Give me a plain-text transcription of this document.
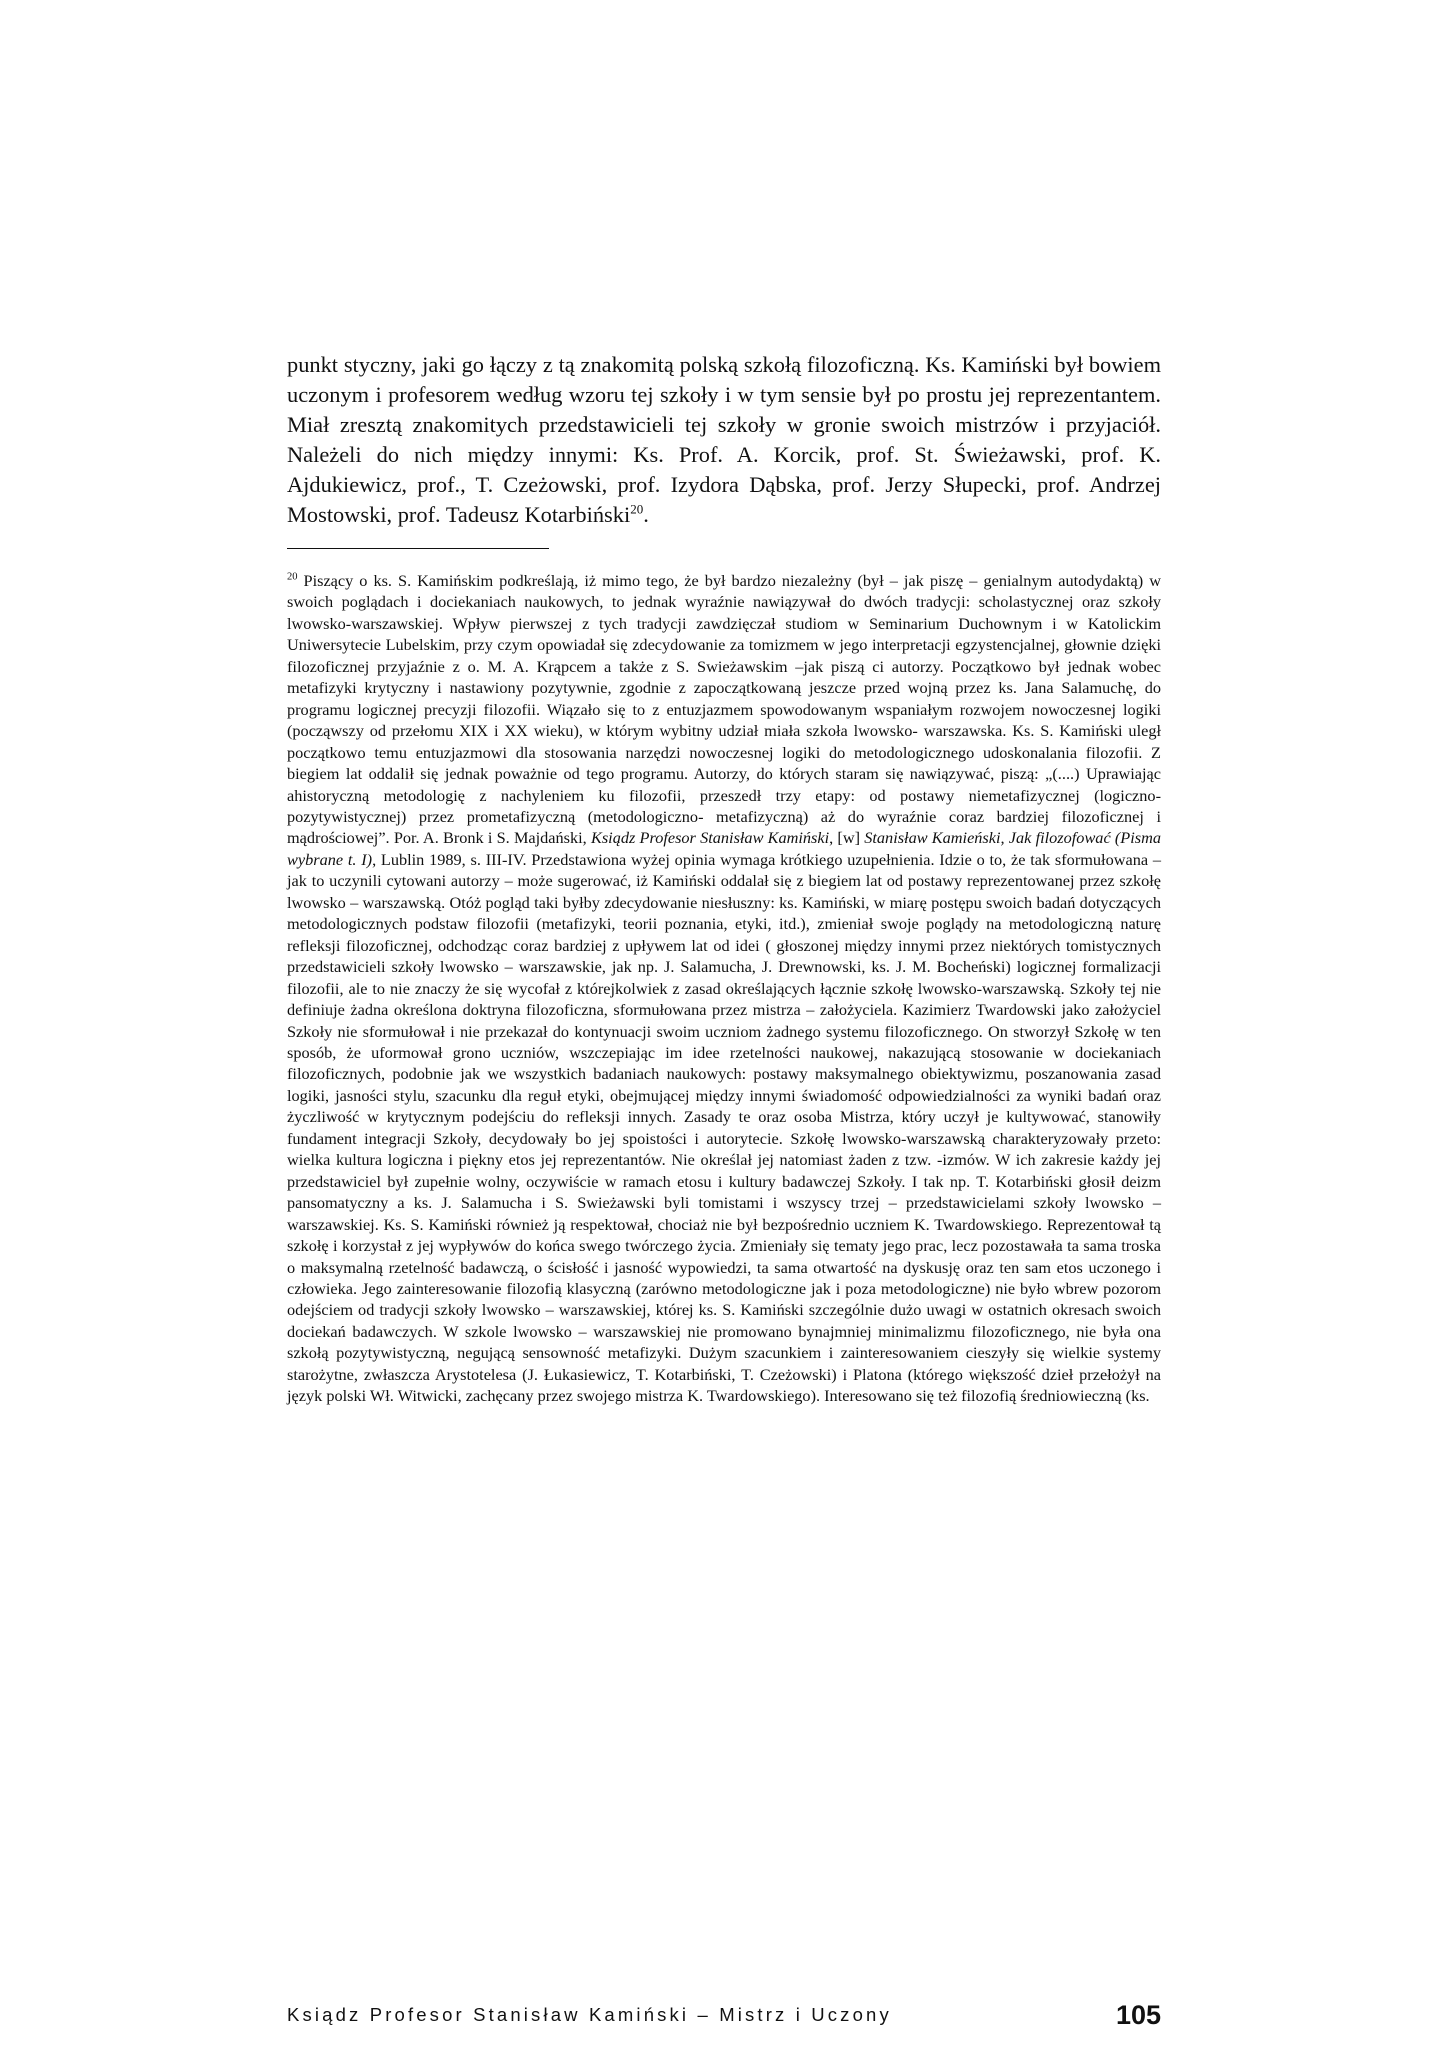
punkt styczny, jaki go łączy z tą znakomitą polską szkołą filozoficzną. Ks. Kamiński był bowiem uczonym i profesorem według wzoru tej szkoły i w tym sensie był po prostu jej reprezentantem. Miał zresztą znakomitych przedstawicieli tej szkoły w gronie swoich mistrzów i przyjaciół. Należeli do nich między innymi: Ks. Prof. A. Korcik, prof. St. Świeżawski, prof. K. Ajdukiewicz, prof., T. Czeżowski, prof. Izydora Dąbska, prof. Jerzy Słupecki, prof. Andrzej Mostowski, prof. Tadeusz Kotarbiński$^{20}$.

$^{20}$ Piszący o ks. S. Kamińskim podkreślają, iż mimo tego, że był bardzo niezależny (był – jak piszę – genialnym autodydaktą) w swoich poglądach i dociekaniach naukowych, to jednak wyraźnie nawiązywał do dwóch tradycji: scholastycznej oraz szkoły lwowsko-warszawskiej. Wpływ pierwszej z tych tradycji zawdzięczał studiom w Seminarium Duchownym i w Katolickim Uniwersytecie Lubelskim, przy czym opowiadał się zdecydowanie za tomizmem w jego interpretacji egzystencjalnej, głownie dzięki filozoficznej przyjaźnie z o. M. A. Krąpcem a także z S. Swieżawskim –jak piszą ci autorzy. Początkowo był jednak wobec metafizyki krytyczny i nastawiony pozytywnie, zgodnie z zapoczątkowaną jeszcze przed wojną przez ks. Jana Salamuchę, do programu logicznej precyzji filozofii. Wiązało się to z entuzjazmem spowodowanym wspaniałym rozwojem nowoczesnej logiki (począwszy od przełomu XIX i XX wieku), w którym wybitny udział miała szkoła lwowsko- warszawska. Ks. S. Kamiński uległ początkowo temu entuzjazmowi dla stosowania narzędzi nowoczesnej logiki do metodologicznego udoskonalania filozofii. Z biegiem lat oddalił się jednak poważnie od tego programu. Autorzy, do których staram się nawiązywać, piszą: „(....) Uprawiając ahistoryczną metodologię z nachyleniem ku filozofii, przeszedł trzy etapy: od postawy niemetafizycznej (logiczno- pozytywistycznej) przez prometafizyczną (metodologiczno- metafizyczną) aż do wyraźnie coraz bardziej filozoficznej i mądrościowej”. Por. A. Bronk i S. Majdański, Ksiądz Profesor Stanisław Kamiński, [w] Stanisław Kamieński, Jak filozofować (Pisma wybrane t. I), Lublin 1989, s. III-IV. Przedstawiona wyżej opinia wymaga krótkiego uzupełnienia. Idzie o to, że tak sformułowana – jak to uczynili cytowani autorzy – może sugerować, iż Kamiński oddalał się z biegiem lat od postawy reprezentowanej przez szkołę lwowsko – warszawską. Otóż pogląd taki byłby zdecydowanie niesłuszny: ks. Kamiński, w miarę postępu swoich badań dotyczących metodologicznych podstaw filozofii (metafizyki, teorii poznania, etyki, itd.), zmieniał swoje poglądy na metodologiczną naturę refleksji filozoficznej, odchodząc coraz bardziej z upływem lat od idei ( głoszonej między innymi przez niektórych tomistycznych przedstawicieli szkoły lwowsko – warszawskie, jak np. J. Salamucha, J. Drewnowski, ks. J. M. Bocheński) logicznej formalizacji filozofii, ale to nie znaczy że się wycofał z którejkolwiek z zasad określających łącznie szkołę lwowsko-warszawską. Szkoły tej nie definiuje żadna określona doktryna filozoficzna, sformułowana przez mistrza – założyciela. Kazimierz Twardowski jako założyciel Szkoły nie sformułował i nie przekazał do kontynuacji swoim uczniom żadnego systemu filozoficznego. On stworzył Szkołę w ten sposób, że uformował grono uczniów, wszczepiając im idee rzetelności naukowej, nakazującą stosowanie w dociekaniach filozoficznych, podobnie jak we wszystkich badaniach naukowych: postawy maksymalnego obiektywizmu, poszanowania zasad logiki, jasności stylu, szacunku dla reguł etyki, obejmującej między innymi świadomość odpowiedzialności za wyniki badań oraz życzliwość w krytycznym podejściu do refleksji innych. Zasady te oraz osoba Mistrza, który uczył je kultywować, stanowiły fundament integracji Szkoły, decydowały bo jej spoistości i autorytecie. Szkołę lwowsko-warszawską charakteryzowały przeto: wielka kultura logiczna i piękny etos jej reprezentantów. Nie określał jej natomiast żaden z tzw. -izmów. W ich zakresie każdy jej przedstawiciel był zupełnie wolny, oczywiście w ramach etosu i kultury badawczej Szkoły. I tak np. T. Kotarbiński głosił deizm pansomatyczny a ks. J. Salamucha i S. Swieżawski byli tomistami i wszyscy trzej – przedstawicielami szkoły lwowsko – warszawskiej. Ks. S. Kamiński również ją respektował, chociaż nie był bezpośrednio uczniem K. Twardowskiego. Reprezentował tą szkołę i korzystał z jej wypływów do końca swego twórczego życia. Zmieniały się tematy jego prac, lecz pozostawała ta sama troska o maksymalną rzetelność badawczą, o ścisłość i jasność wypowiedzi, ta sama otwartość na dyskusję oraz ten sam etos uczonego i człowieka. Jego zainteresowanie filozofią klasyczną (zarówno metodologiczne jak i poza metodologiczne) nie było wbrew pozorom odejściem od tradycji szkoły lwowsko – warszawskiej, której ks. S. Kamiński szczególnie dużo uwagi w ostatnich okresach swoich dociekań badawczych. W szkole lwowsko – warszawskiej nie promowano bynajmniej minimalizmu filozoficznego, nie była ona szkołą pozytywistyczną, negującą sensowność metafizyki. Dużym szacunkiem i zainteresowaniem cieszyły się wielkie systemy starożytne, zwłaszcza Arystotelesa (J. Łukasiewicz, T. Kotarbiński, T. Czeżowski) i Platona (którego większość dzieł przełożył na język polski Wł. Witwicki, zachęcany przez swojego mistrza K. Twardowskiego). Interesowano się też filozofią średniowieczną (ks.

Ksiądz Profesor Stanisław Kamiński – Mistrz i Uczony	105
